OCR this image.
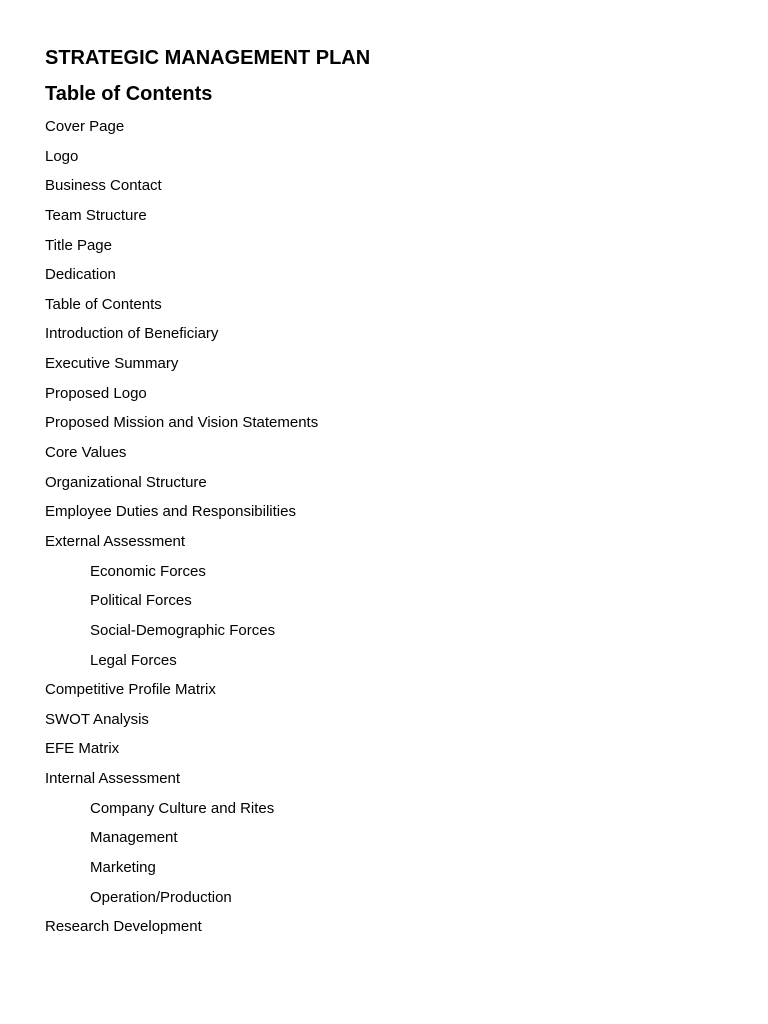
STRATEGIC MANAGEMENT PLAN
Table of Contents
Cover Page
Logo
Business Contact
Team Structure
Title Page
Dedication
Table of Contents
Introduction of Beneficiary
Executive Summary
Proposed Logo
Proposed Mission and Vision Statements
Core Values
Organizational Structure
Employee Duties and Responsibilities
External Assessment
Economic Forces
Political Forces
Social-Demographic Forces
Legal Forces
Competitive Profile Matrix
SWOT Analysis
EFE Matrix
Internal Assessment
Company Culture and Rites
Management
Marketing
Operation/Production
Research Development
